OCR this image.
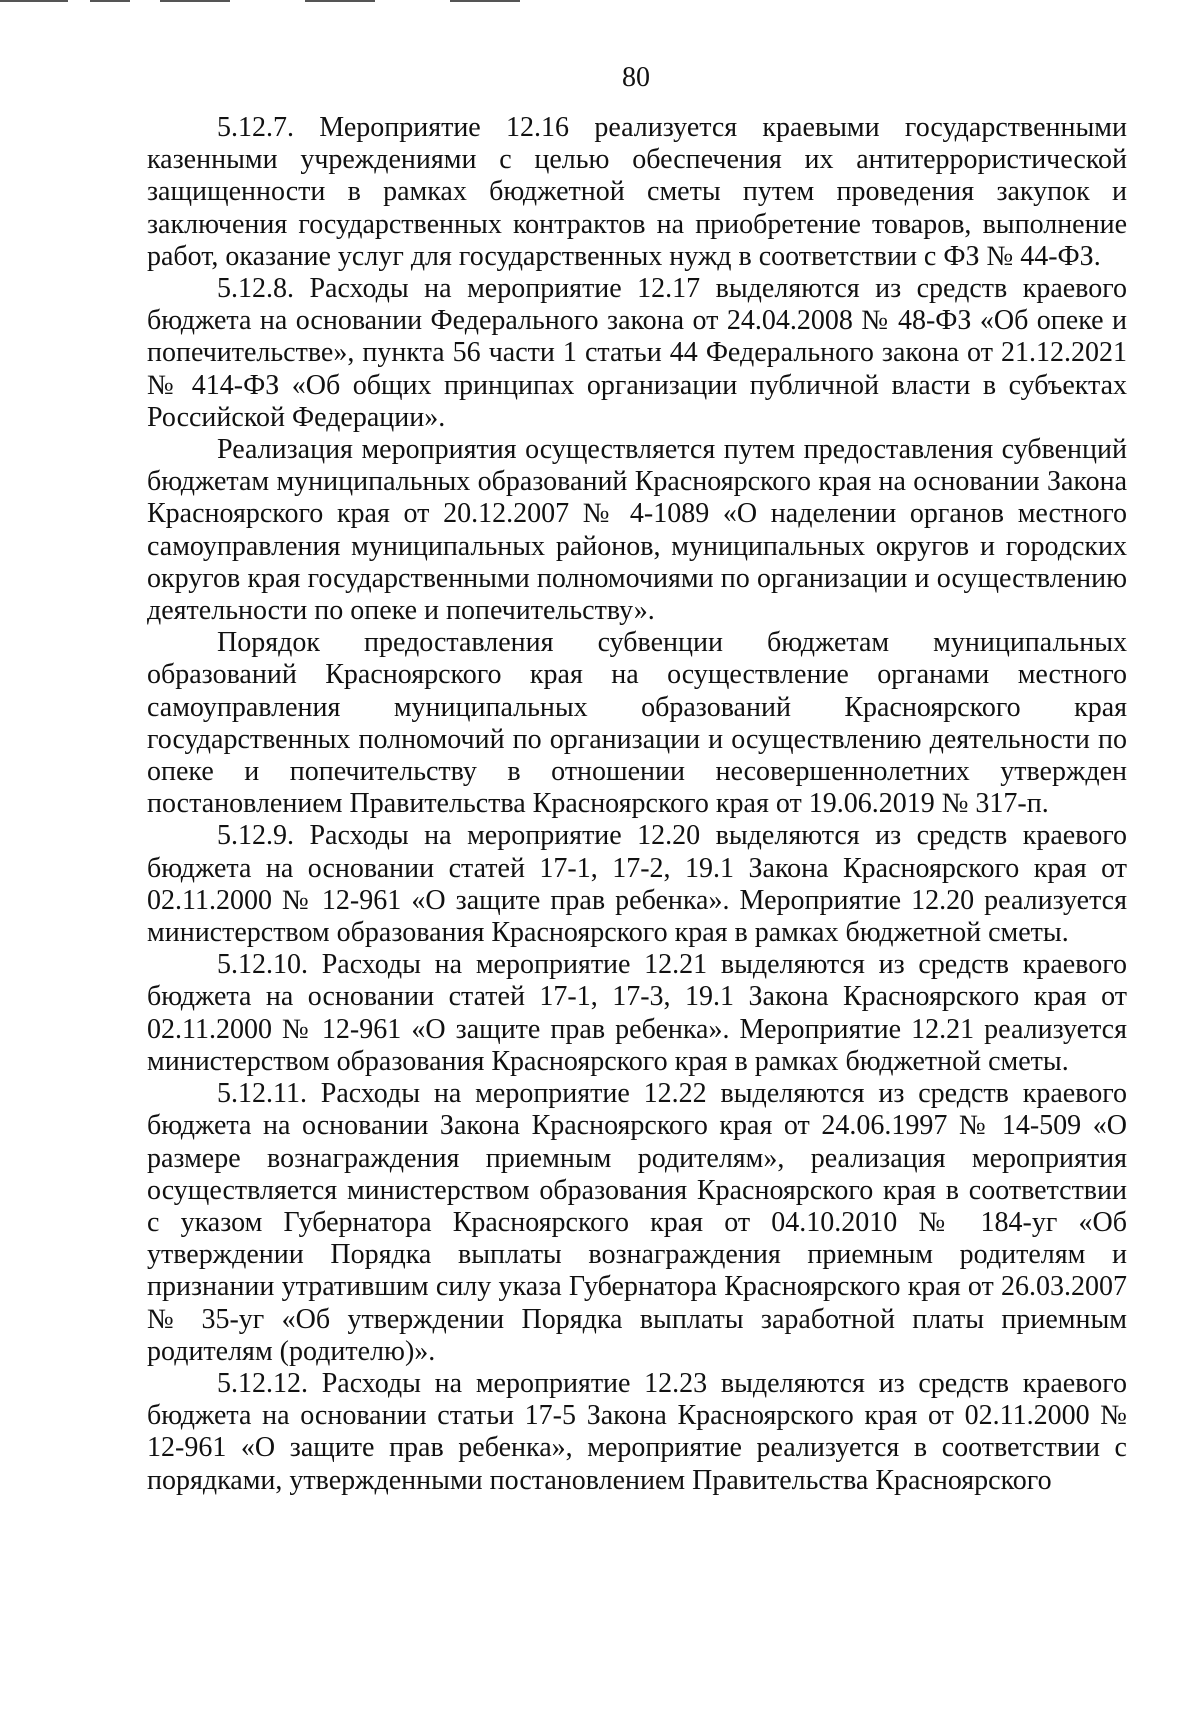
80

5.12.7. Мероприятие 12.16 реализуется краевыми государственными казенными учреждениями с целью обеспечения их антитеррористической защищенности в рамках бюджетной сметы путем проведения закупок и заключения государственных контрактов на приобретение товаров, выполнение работ, оказание услуг для государственных нужд в соответствии с ФЗ № 44-ФЗ.

5.12.8. Расходы на мероприятие 12.17 выделяются из средств краевого бюджета на основании Федерального закона от 24.04.2008 № 48-ФЗ «Об опеке и попечительстве», пункта 56 части 1 статьи 44 Федерального закона от 21.12.2021 № 414-ФЗ «Об общих принципах организации публичной власти в субъектах Российской Федерации».

Реализация мероприятия осуществляется путем предоставления субвенций бюджетам муниципальных образований Красноярского края на основании Закона Красноярского края от 20.12.2007 № 4-1089 «О наделении органов местного самоуправления муниципальных районов, муниципальных округов и городских округов края государственными полномочиями по организации и осуществлению деятельности по опеке и попечительству».

Порядок предоставления субвенции бюджетам муниципальных образований Красноярского края на осуществление органами местного самоуправления муниципальных образований Красноярского края государственных полномочий по организации и осуществлению деятельности по опеке и попечительству в отношении несовершеннолетних утвержден постановлением Правительства Красноярского края от 19.06.2019 № 317-п.

5.12.9. Расходы на мероприятие 12.20 выделяются из средств краевого бюджета на основании статей 17-1, 17-2, 19.1 Закона Красноярского края от 02.11.2000 № 12-961 «О защите прав ребенка». Мероприятие 12.20 реализуется министерством образования Красноярского края в рамках бюджетной сметы.

5.12.10. Расходы на мероприятие 12.21 выделяются из средств краевого бюджета на основании статей 17-1, 17-3, 19.1 Закона Красноярского края от 02.11.2000 № 12-961 «О защите прав ребенка». Мероприятие 12.21 реализуется министерством образования Красноярского края в рамках бюджетной сметы.

5.12.11. Расходы на мероприятие 12.22 выделяются из средств краевого бюджета на основании Закона Красноярского края от 24.06.1997 № 14-509 «О размере вознаграждения приемным родителям», реализация мероприятия осуществляется министерством образования Красноярского края в соответствии с указом Губернатора Красноярского края от 04.10.2010 № 184-уг «Об утверждении Порядка выплаты вознаграждения приемным родителям и признании утратившим силу указа Губернатора Красноярского края от 26.03.2007 № 35-уг «Об утверждении Порядка выплаты заработной платы приемным родителям (родителю)».

5.12.12. Расходы на мероприятие 12.23 выделяются из средств краевого бюджета на основании статьи 17-5 Закона Красноярского края от 02.11.2000 № 12-961 «О защите прав ребенка», мероприятие реализуется в соответствии с порядками, утвержденными постановлением Правительства Красноярского
